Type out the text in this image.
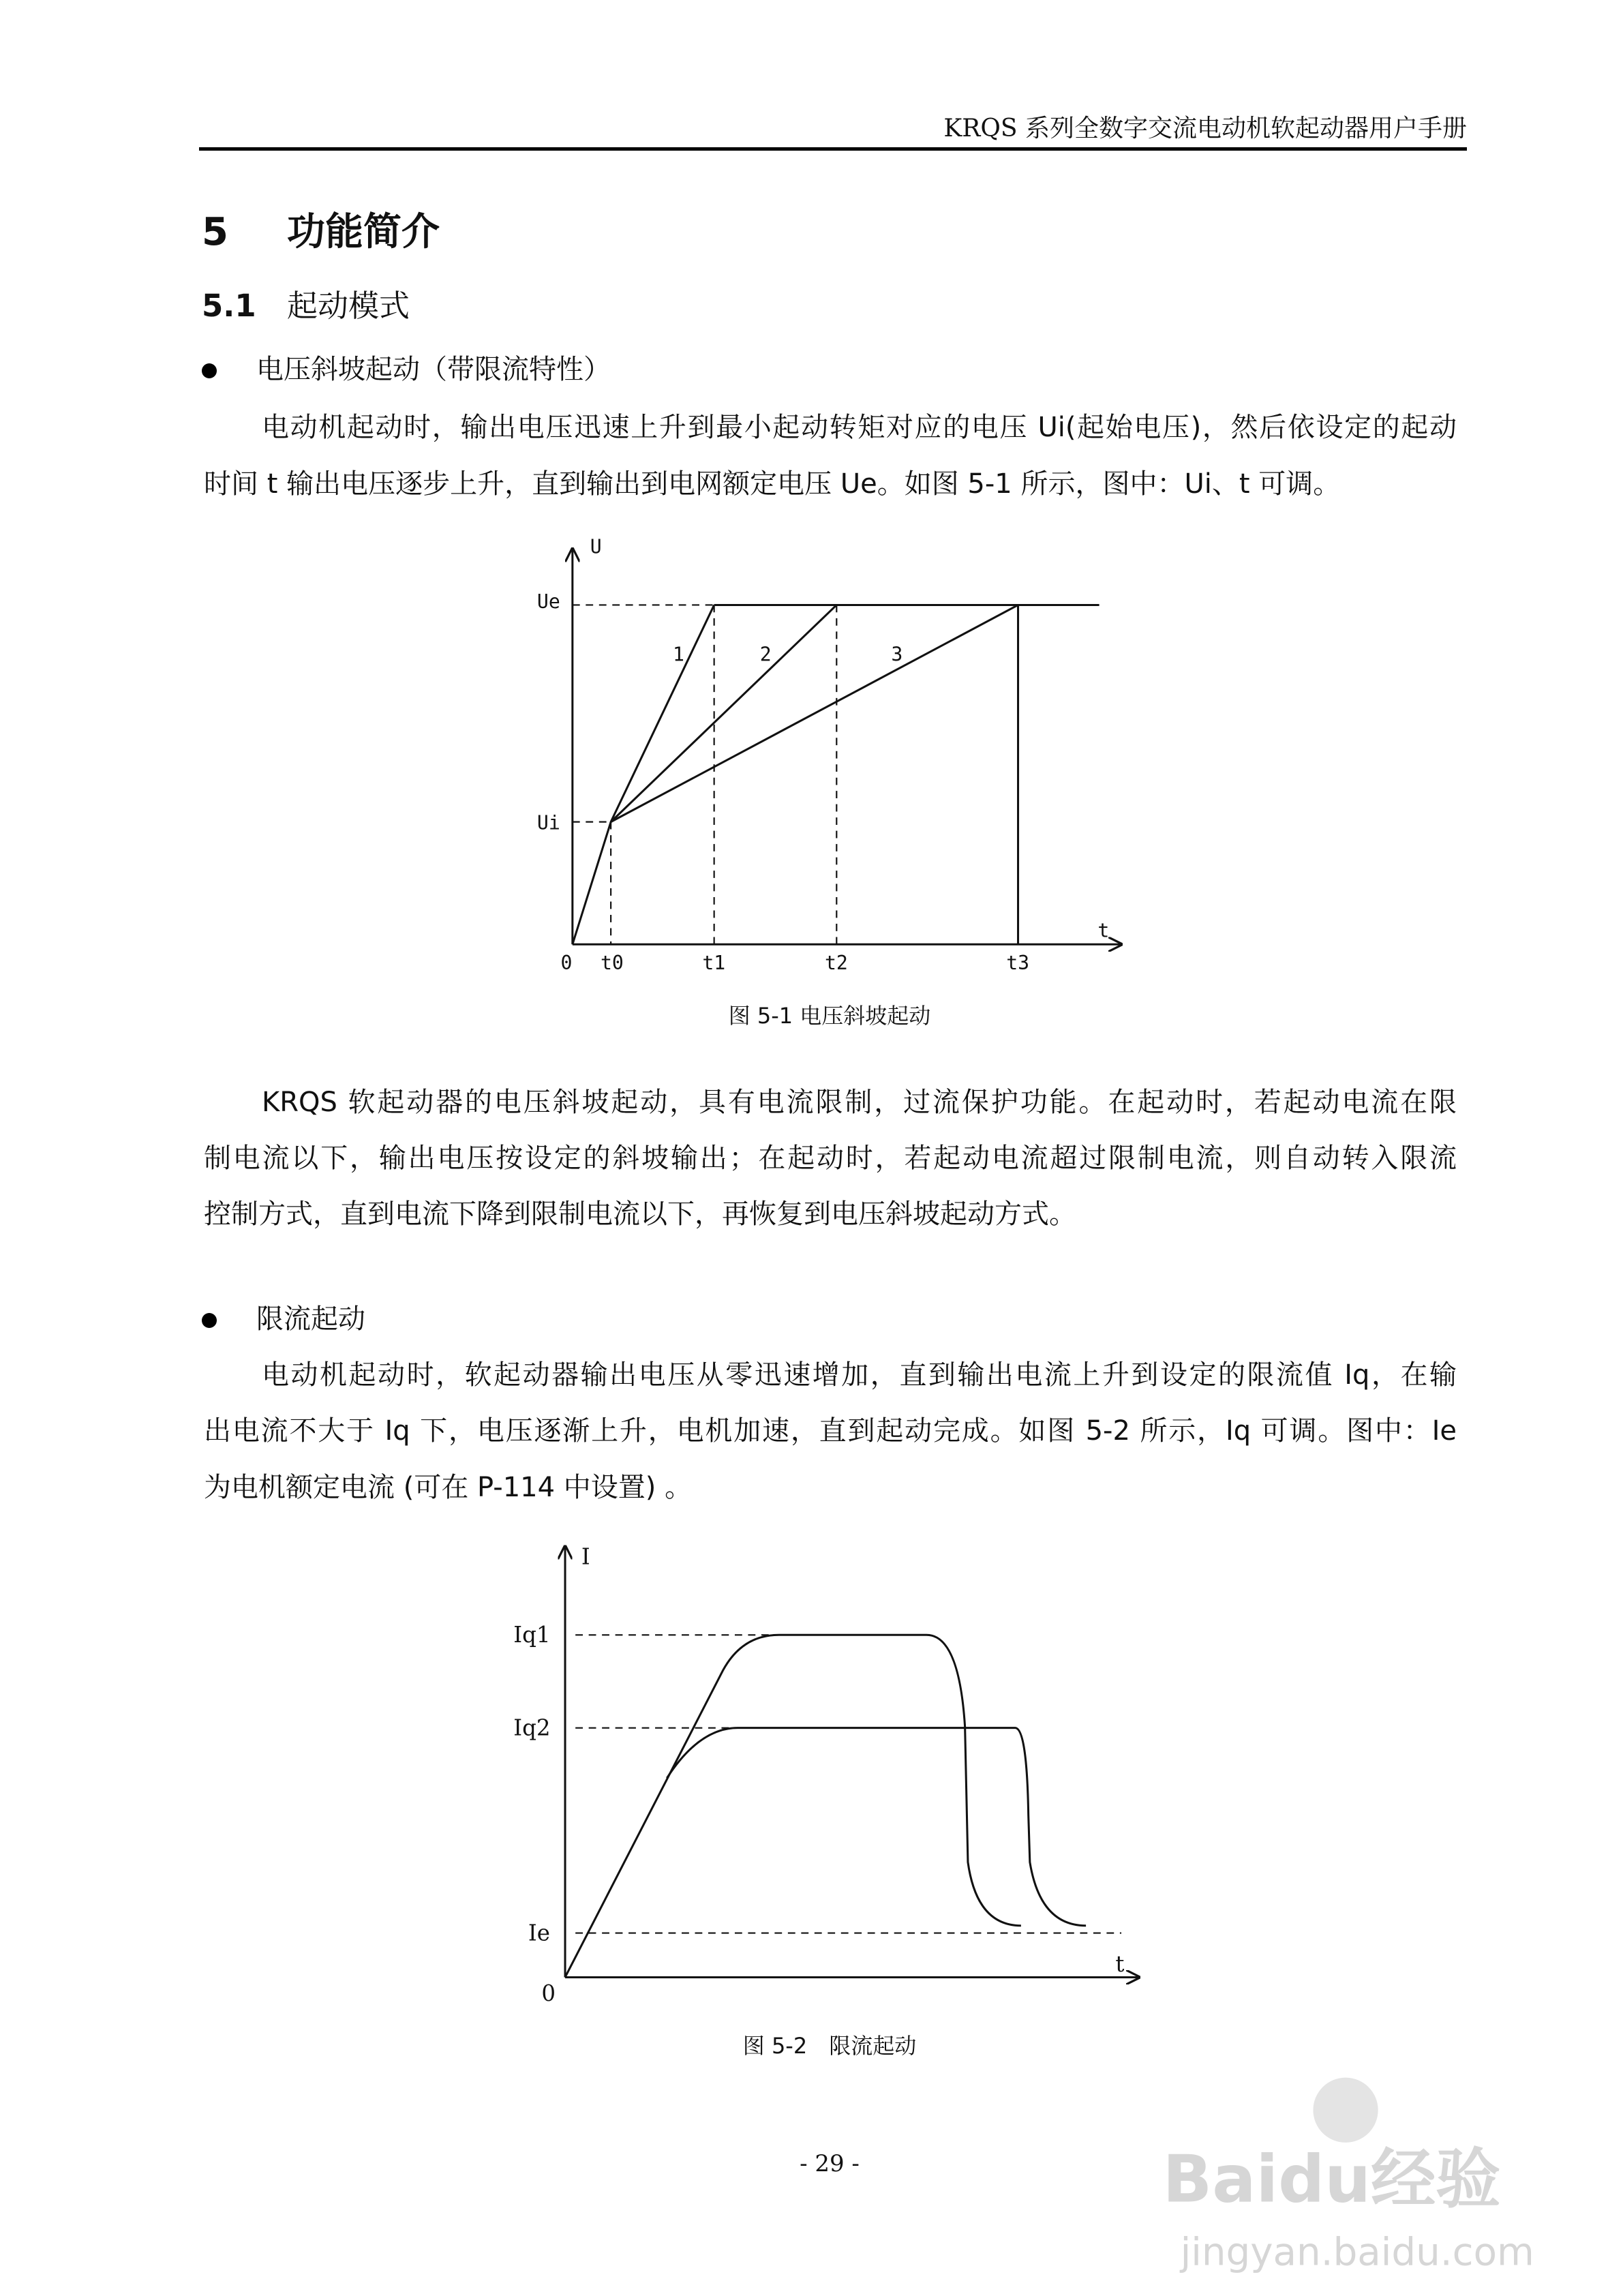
KRQS 系列全数字交流电动机软起动器用户手册
5 功能简介
5.1 起动模式
电压斜坡起动（带限流特性）
电动机起动时，输出电压迅速上升到最小起动转矩对应的电压 Ui(起始电压)，然后依设定的起动
时间 t 输出电压逐步上升，直到输出到电网额定电压 Ue。如图 5-1 所示，图中：Ui、t 可调。
图 5-1 电压斜坡起动
KRQS 软起动器的电压斜坡起动，具有电流限制，过流保护功能。在起动时，若起动电流在限
制电流以下，输出电压按设定的斜坡输出；在起动时，若起动电流超过限制电流，则自动转入限流
控制方式，直到电流下降到限制电流以下，再恢复到电压斜坡起动方式。
限流起动
电动机起动时，软起动器输出电压从零迅速增加，直到输出电流上升到设定的限流值 Iq，在输
出电流不大于 Iq 下，电压逐渐上升，电机加速，直到起动完成。如图 5-2 所示，Iq 可调。图中：Ie
为电机额定电流 (可在 P-114 中设置) 。
图 5-2　限流起动
- 29 -
U
t
Ue
Ui
0	t0	t1	t2	t3
1	2	3
I
t
0
Iq1
Iq2
Ie
Baidu经验
jingyan.baidu.com
